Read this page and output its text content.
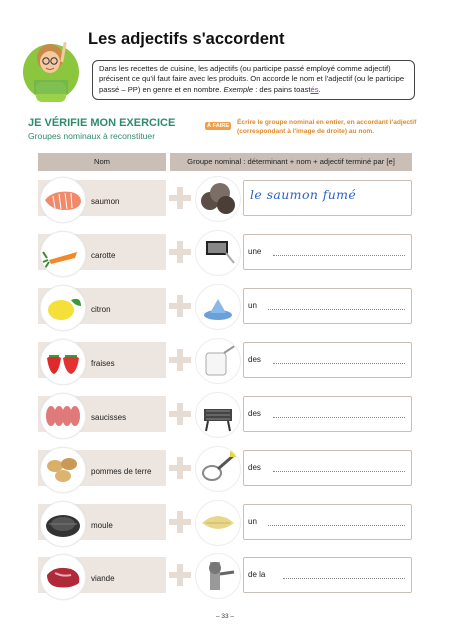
Les adjectifs s'accordent
Dans les recettes de cuisine, les adjectifs (ou participe passé employé comme adjectif) précisent ce qu'il faut faire avec les produits. On accorde le nom et l'adjectif (ou le participe passé – PP) en genre et en nombre. Exemple : des pains toastés.
JE VÉRIFIE MON EXERCICE
Groupes nominaux à reconstituer
À FAIRE	Écrire le groupe nominal en entier, en accordant l'adjectif (correspondant à l'image de droite) au nom.
Nom	Groupe nominal : déterminant + nom + adjectif terminé par [e]
saumon	le saumon fumé
carotte	une
citron	un
fraises	des
saucisses	des
pommes de terre	des
moule	un
viande	de la
– 33 –
